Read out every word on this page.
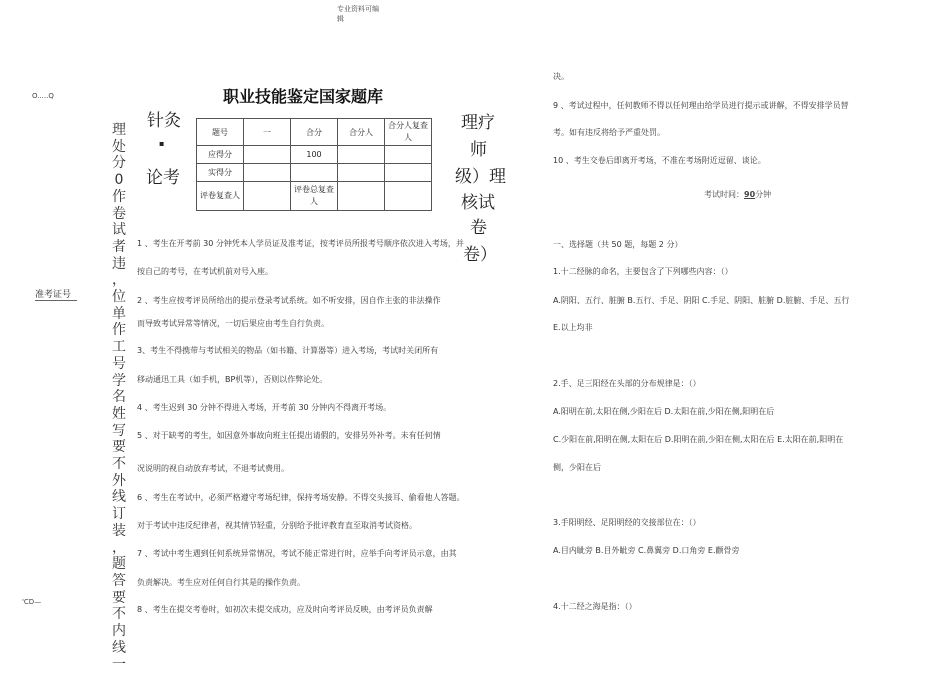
专业资料可编
辑
O.....Q
'CD—
准考证号
理
处
分
0
作
卷
试
者
违
，
位
单
作
工
号
学
名
姓
写
要
不
外
线
订
装
，
题
答
要
不
内
线
一
职业技能鉴定国家题库
针灸
▪
论考
理疗
师
级）理
核试
卷
卷）
题号	一	合分	合分人	合分人复查人
应得分		100		
实得分				
评卷复查人		评卷总复查人		
1 、考生在开考前 30 分钟凭本人学员证及准考证，按考评员所报考号顺序依次进入考场，并
按自己的考号，在考试机前对号入座。
2 、考生应按考评员所给出的提示登录考试系统。如不听安排，因自作主张的非法操作
而导致考试异常等情况，一切后果应由考生自行负责。
3、考生不得携带与考试相关的物品（如书籍、计算器等）进入考场，考试时关闭所有
移动通迅工具（如手机，BP机等），否则以作弊论处。
4 、考生迟到 30 分钟不得进入考场，开考前 30 分钟内不得离开考场。
5 、对于缺考的考生，如因意外事故向班主任提出请假的，安排另外补考。未有任何情
况说明的视自动放弃考试，不退考试费用。
6 、考生在考试中，必须严格遵守考场纪律，保持考场安静。不得交头接耳、偷看他人答题。
对于考试中违反纪律者，视其情节轻重，分别给予批评教育直至取消考试资格。
7 、考试中考生遇到任何系统异常情况，考试不能正常进行时，应举手向考评员示意，由其
负责解决。考生应对任何自行其是的操作负责。
8 、考生在提交考卷时，如初次未提交成功，应及时向考评员反映，由考评员负责解
决。
9 、考试过程中，任何教师不得以任何理由给学员进行提示或讲解，不得安排学员替
考。如有违反将给予严重处罚。
10 、考生交卷后即离开考场，不准在考场附近逗留、谈论。
考试时间：90分钟
一、选择题（共 50 题，每题 2 分）
1.十二经脉的命名，主要包含了下列哪些内容：（）
A.阴阳、五行、脏腑 B.五行、手足、阴阳 C.手足、阴阳、脏腑 D.脏腑、手足、五行
E.以上均非
2.手、足三阳经在头部的分布规律是：（）
A.阳明在前,太阳在侧,少阳在后 D.太阳在前,少阳在侧,阳明在后
C.少阳在前,阳明在侧,太阳在后 D.阳明在前,少阳在侧,太阳在后 E.太阳在前,阳明在
侧，少阳在后
3.手阳明经、足阳明经的交接部位在：（）
A.目内眦旁 B.目外眦旁 C.鼻翼旁 D.口角旁 E.颧骨旁
4.十二经之海是指：（）
